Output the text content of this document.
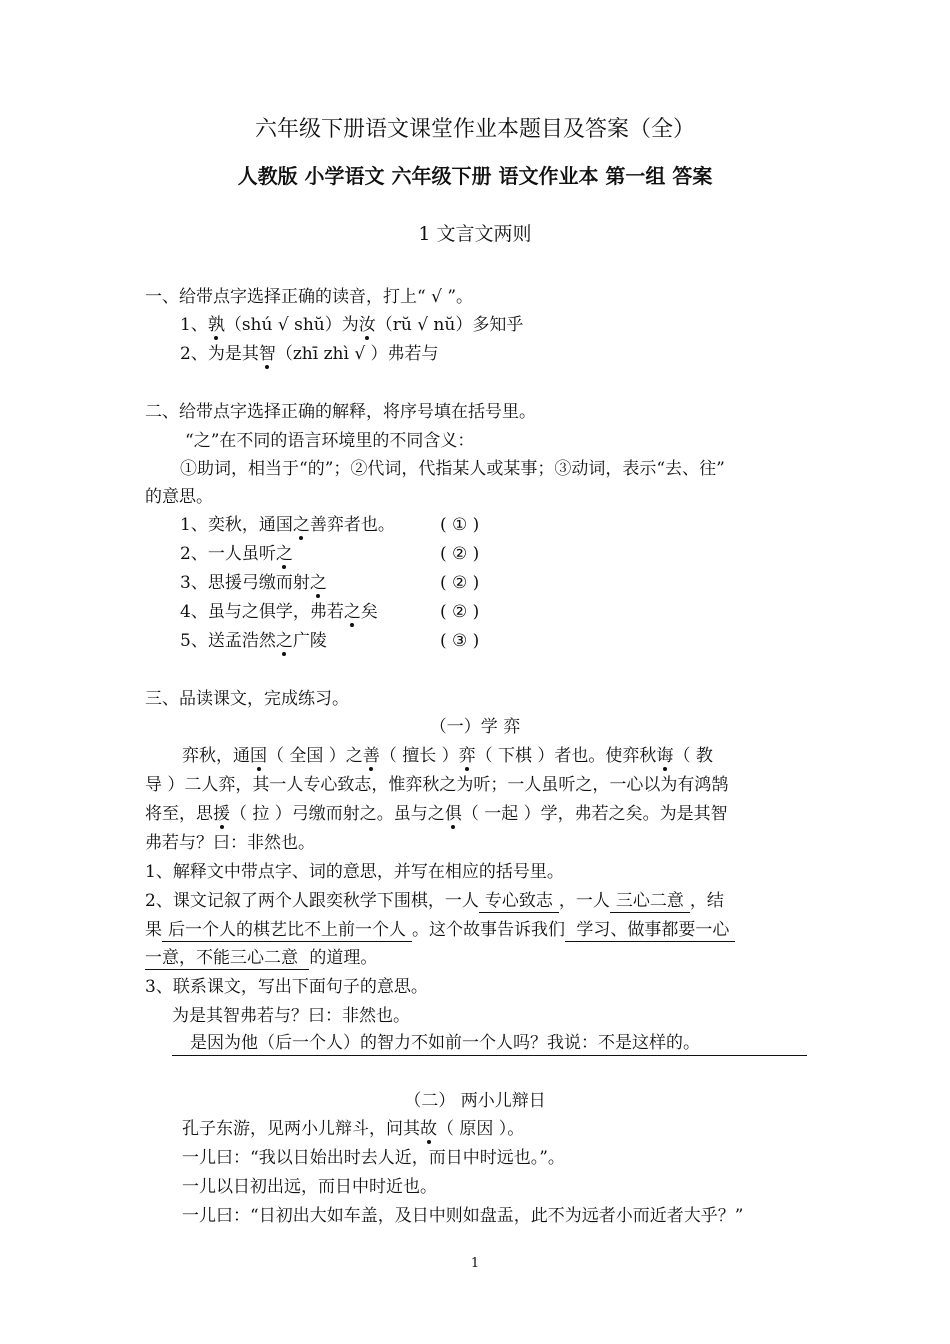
六年级下册语文课堂作业本题目及答案（全）
人教版 小学语文 六年级下册 语文作业本 第一组 答案
1 文言文两则
一、给带点字选择正确的读音，打上“ √ ”。
1、孰（shú √ shŭ）为汝（rŭ √ nŭ）多知乎
2、为是其智（zhī zhì √ ）弗若与
二、给带点字选择正确的解释，将序号填在括号里。
“之”在不同的语言环境里的不同含义：
①助词，相当于“的”；②代词，代指某人或某事；③动词，表示“去、往”
的意思。
1、奕秋，通国之善弈者也。	( ① )
2、一人虽听之	( ② )
3、思援弓缴而射之	( ② )
4、虽与之俱学，弗若之矣	( ② )
5、送孟浩然之广陵	( ③ )
三、品读课文，完成练习。
（一）学 弈
弈秋，通国（ 全国 ）之善（ 擅长 ）弈（ 下棋 ）者也。使弈秋诲（ 教
导 ）二人弈，其一人专心致志，惟弈秋之为听；一人虽听之，一心以为有鸿鹄
将至，思援（ 拉 ）弓缴而射之。虽与之俱（ 一起 ）学，弗若之矣。为是其智
弗若与？曰：非然也。
1、解释文中带点字、词的意思，并写在相应的括号里。
2、课文记叙了两个人跟奕秋学下围棋，一人 专心致志 ，一人 三心二意 ，结
果 后一个人的棋艺比不上前一个人 。这个故事告诉我们 学习、做事都要一心
一意，不能三心二意 的道理。
3、联系课文，写出下面句子的意思。
为是其智弗若与？曰：非然也。
是因为他（后一个人）的智力不如前一个人吗？我说：不是这样的。
（二） 两小儿辩日
孔子东游，见两小儿辩斗，问其故（ 原因 ）。
一儿曰：“我以日始出时去人近，而日中时远也。”。
一儿以日初出远，而日中时近也。
一儿曰：“日初出大如车盖，及日中则如盘盂，此不为远者小而近者大乎？”
1
